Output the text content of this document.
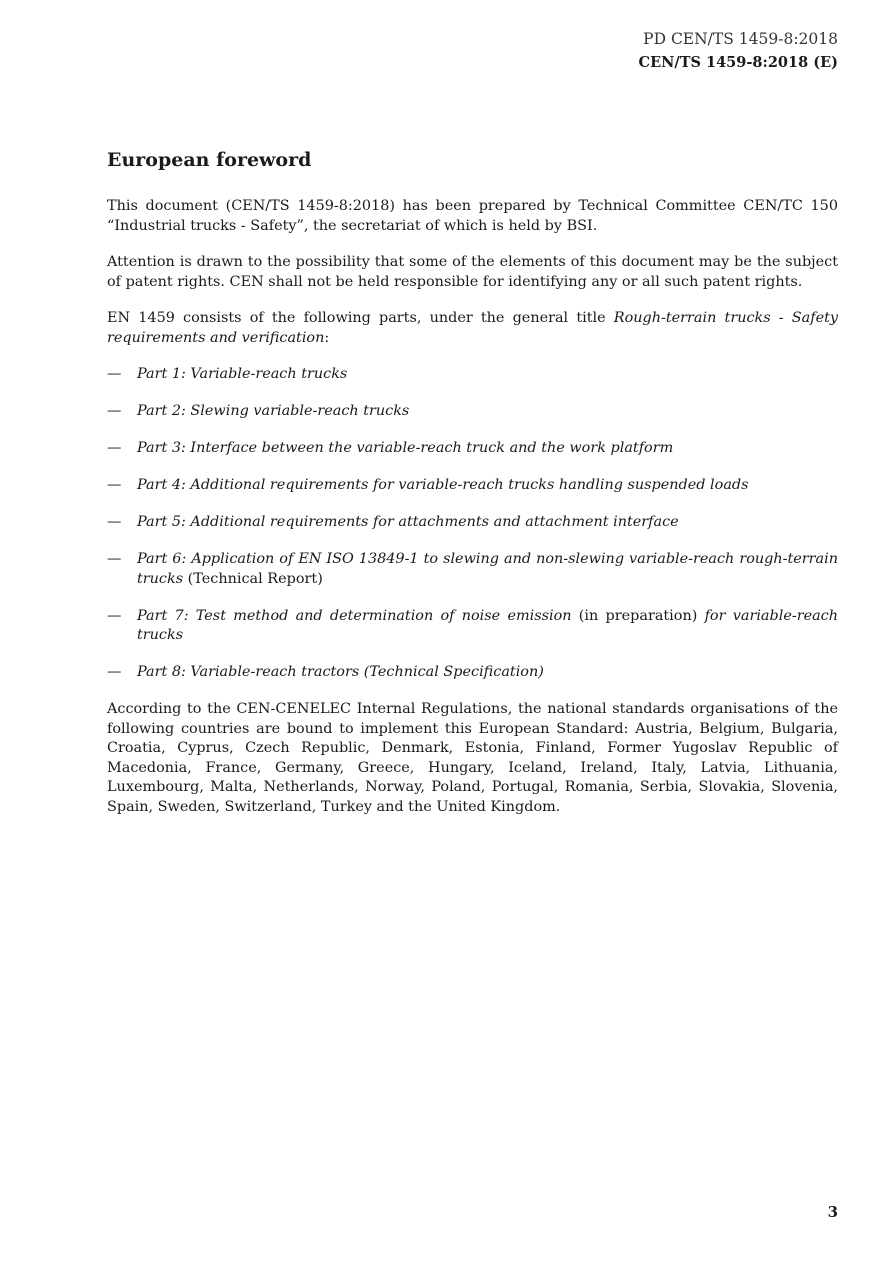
PD CEN/TS 1459-8:2018
CEN/TS 1459-8:2018 (E)
European foreword

This document (CEN/TS 1459-8:2018) has been prepared by Technical Committee CEN/TC 150 “Industrial trucks - Safety”, the secretariat of which is held by BSI.

Attention is drawn to the possibility that some of the elements of this document may be the subject of patent rights. CEN shall not be held responsible for identifying any or all such patent rights.

EN 1459 consists of the following parts, under the general title Rough-terrain trucks - Safety requirements and verification:

— Part 1: Variable-reach trucks
— Part 2: Slewing variable-reach trucks
— Part 3: Interface between the variable-reach truck and the work platform
— Part 4: Additional requirements for variable-reach trucks handling suspended loads
— Part 5: Additional requirements for attachments and attachment interface
— Part 6: Application of EN ISO 13849-1 to slewing and non-slewing variable-reach rough-terrain trucks (Technical Report)
— Part 7: Test method and determination of noise emission (in preparation) for variable-reach trucks
— Part 8: Variable-reach tractors (Technical Specification)

According to the CEN-CENELEC Internal Regulations, the national standards organisations of the following countries are bound to implement this European Standard: Austria, Belgium, Bulgaria, Croatia, Cyprus, Czech Republic, Denmark, Estonia, Finland, Former Yugoslav Republic of Macedonia, France, Germany, Greece, Hungary, Iceland, Ireland, Italy, Latvia, Lithuania, Luxembourg, Malta, Netherlands, Norway, Poland, Portugal, Romania, Serbia, Slovakia, Slovenia, Spain, Sweden, Switzerland, Turkey and the United Kingdom.

3
